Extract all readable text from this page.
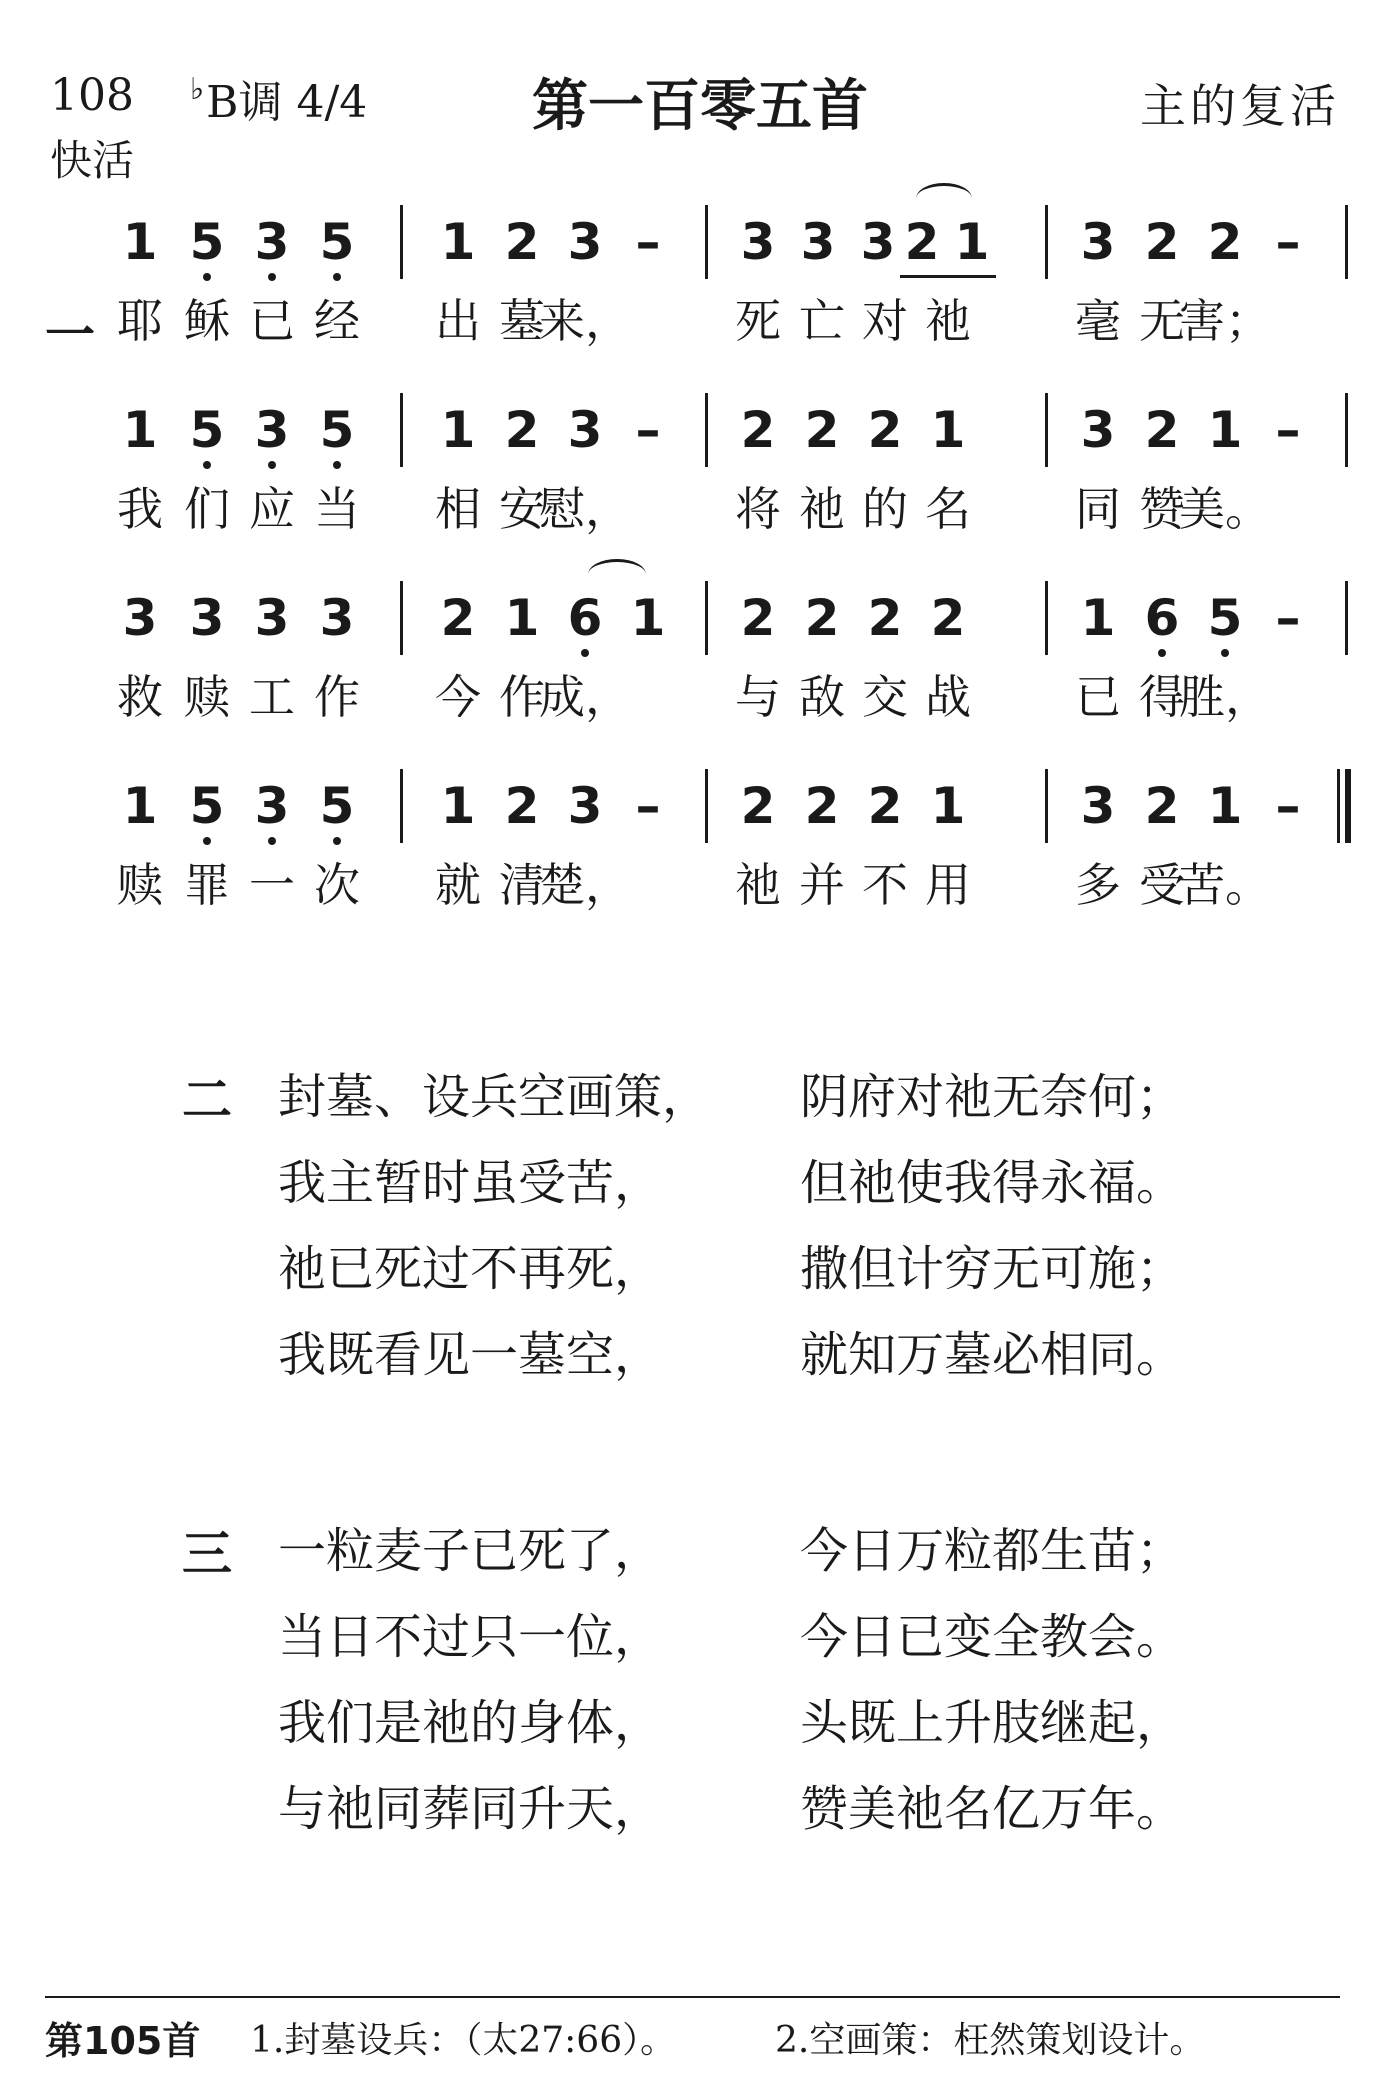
108
快活
♭B调 4/4	第一百零五首	主的复活
1 5 3 5 1 2 3 – 3 3 3 2 1 3 2 2 –
耶 稣 已 经 出 墓
来， 死 亡 对 祂 毫 无
害；
1 5 3 5 1 2 3 – 2 2 2 1 3 2 1 –
我 们 应 当 相 安
慰， 将 祂 的 名 同 赞
美。
3 3 3 3 2 1 6 1 2 2 2 2 1 6 5 –
救 赎 工 作 今 作
成， 与 敌 交 战 已 得
胜，
1 5 3 5 1 2 3 – 2 2 2 1 3 2 1 –
赎 罪 一 次 就 清
楚， 祂 并 不 用 多 受
苦。
一
二 封墓、设兵空画策， 阴府对祂无奈何；
我主暂时虽受苦，	但祂使我得永福。
祂已死过不再死，	撒但计穷无可施；
我既看见一墓空，	就知万墓必相同。
三 一粒麦子已死了，	今日万粒都生苗；
当日不过只一位，	今日已变全教会。
我们是祂的身体，	头既上升肢继起，
与祂同葬同升天，	赞美祂名亿万年。
第105首 1.封墓设兵：（太27:66）。	2.空画策：枉然策划设计。
